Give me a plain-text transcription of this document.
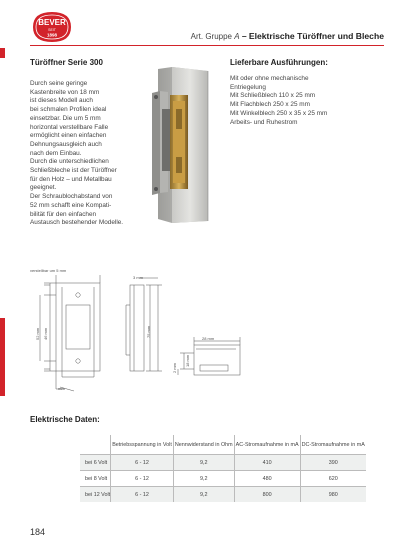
BEVER
SEIT
1898	Art. Gruppe A – Elektrische Türöffner und Bleche
Türöffner Serie 300
Durch seine geringe
Kastenbreite von 18 mm
ist dieses Modell auch
bei schmalen Profilen ideal
einsetzbar. Die um 5 mm
horizontal verstellbare Falle
ermöglicht einen einfachen
Dehnungsausgleich auch
nach dem Einbau.
Durch die unterschiedlichen
Schließbleche ist der Türöffner
für den Holz – und Metallbau
geeignet.
Der Schraublochabstand von
52 mm schafft eine Kompati-
bilität für den einfachen
Austausch bestehender Modelle.
Lieferbare Ausführungen:
Mit oder ohne mechanische
Entriegelung
Mit Schließblech 110 x 25 mm
Mit Flachblech 250 x 25 mm
Mit Winkelblech 250 x 35 x 25 mm
Arbeits- und Ruhestrom
verstellbar um 5 mm
3 mm
52 mm 46 mm	75 mm
28 mm
18 mm
2 mm
mm
Elektrische Daten:
	Betriebsspannung in Volt	Nennwiderstand in Ohm	AC-Stromaufnahme in mA	DC-Stromaufnahme in mA
bei 6 Volt	6 - 12	9,2	410	390
bei 8 Volt	6 - 12	9,2	480	620
bei 12 Volt	6 - 12	9,2	800	980
184
